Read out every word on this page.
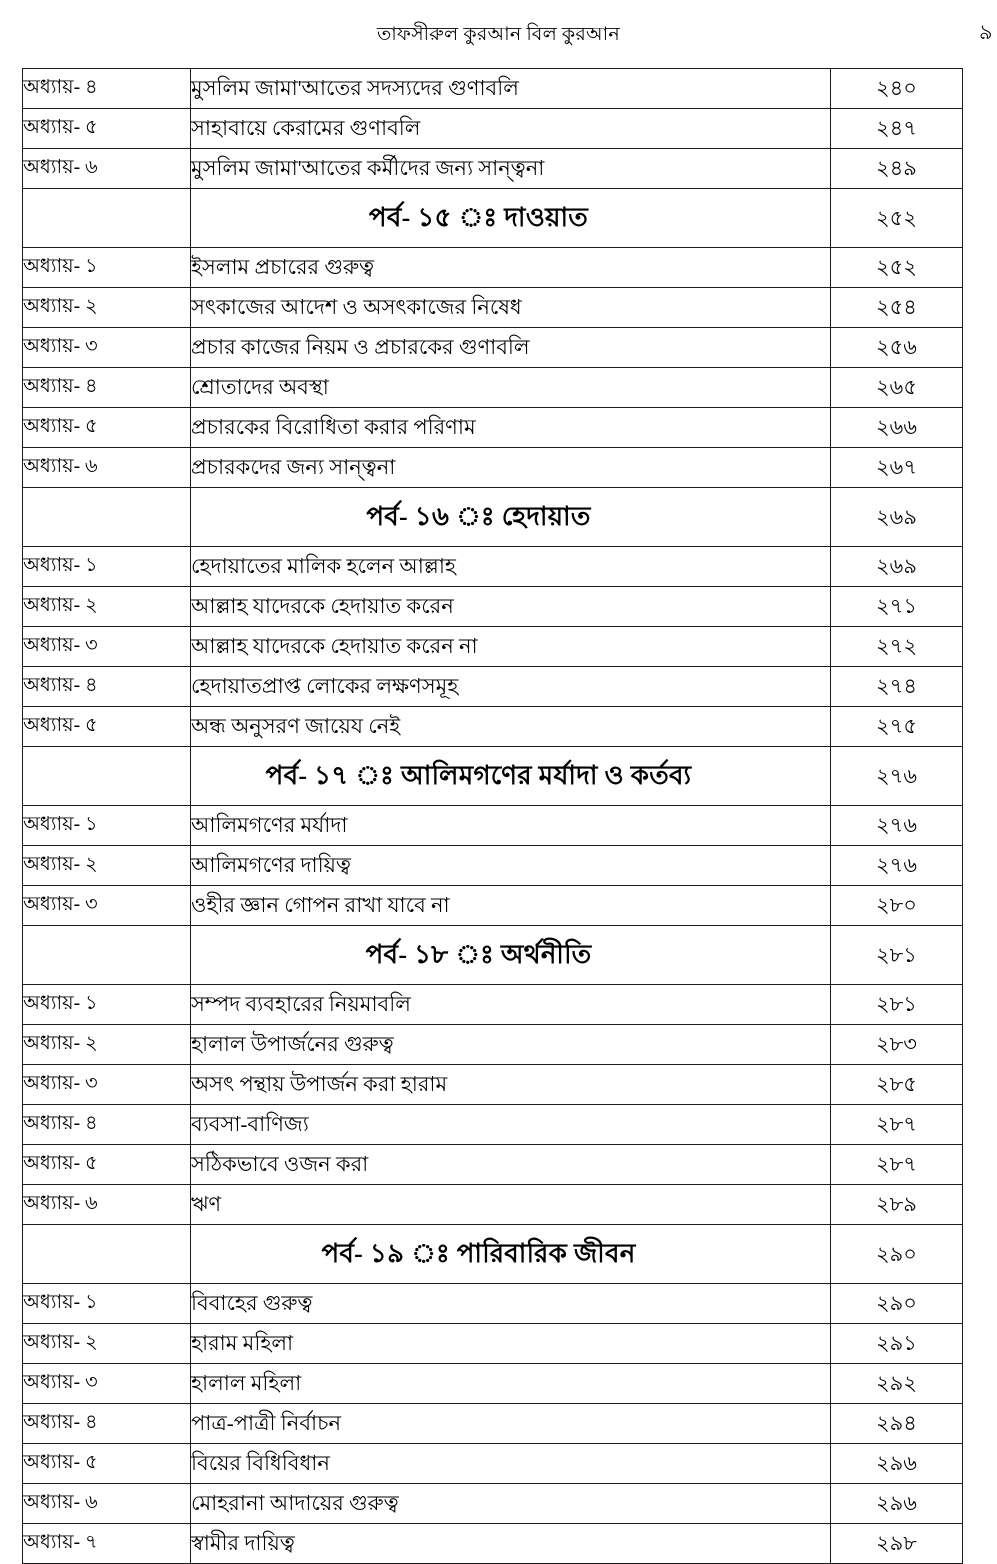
তাফসীরুল কুরআন বিল কুরআন	৯
অধ্যায়- ৪	মুসলিম জামা'আতের সদস্যদের গুণাবলি	২৪০
অধ্যায়- ৫	সাহাবায়ে কেরামের গুণাবলি	২৪৭
অধ্যায়- ৬	মুসলিম জামা'আতের কর্মীদের জন্য সান্ত্বনা	২৪৯
	পর্ব- ১৫ ঃ দাওয়াত	২৫২
অধ্যায়- ১	ইসলাম প্রচারের গুরুত্ব	২৫২
অধ্যায়- ২	সৎকাজের আদেশ ও অসৎকাজের নিষেধ	২৫৪
অধ্যায়- ৩	প্রচার কাজের নিয়ম ও প্রচারকের গুণাবলি	২৫৬
অধ্যায়- ৪	শ্রোতাদের অবস্থা	২৬৫
অধ্যায়- ৫	প্রচারকের বিরোধিতা করার পরিণাম	২৬৬
অধ্যায়- ৬	প্রচারকদের জন্য সান্ত্বনা	২৬৭
	পর্ব- ১৬ ঃ হেদায়াত	২৬৯
অধ্যায়- ১	হেদায়াতের মালিক হলেন আল্লাহ	২৬৯
অধ্যায়- ২	আল্লাহ যাদেরকে হেদায়াত করেন	২৭১
অধ্যায়- ৩	আল্লাহ যাদেরকে হেদায়াত করেন না	২৭২
অধ্যায়- ৪	হেদায়াতপ্রাপ্ত লোকের লক্ষণসমূহ	২৭৪
অধ্যায়- ৫	অন্ধ অনুসরণ জায়েয নেই	২৭৫
	পর্ব- ১৭ ঃ আলিমগণের মর্যাদা ও কর্তব্য	২৭৬
অধ্যায়- ১	আলিমগণের মর্যাদা	২৭৬
অধ্যায়- ২	আলিমগণের দায়িত্ব	২৭৬
অধ্যায়- ৩	ওহীর জ্ঞান গোপন রাখা যাবে না	২৮০
	পর্ব- ১৮ ঃ অর্থনীতি	২৮১
অধ্যায়- ১	সম্পদ ব্যবহারের নিয়মাবলি	২৮১
অধ্যায়- ২	হালাল উপার্জনের গুরুত্ব	২৮৩
অধ্যায়- ৩	অসৎ পন্থায় উপার্জন করা হারাম	২৮৫
অধ্যায়- ৪	ব্যবসা-বাণিজ্য	২৮৭
অধ্যায়- ৫	সঠিকভাবে ওজন করা	২৮৭
অধ্যায়- ৬	ঋণ	২৮৯
	পর্ব- ১৯ ঃ পারিবারিক জীবন	২৯০
অধ্যায়- ১	বিবাহের গুরুত্ব	২৯০
অধ্যায়- ২	হারাম মহিলা	২৯১
অধ্যায়- ৩	হালাল মহিলা	২৯২
অধ্যায়- ৪	পাত্র-পাত্রী নির্বাচন	২৯৪
অধ্যায়- ৫	বিয়ের বিধিবিধান	২৯৬
অধ্যায়- ৬	মোহরানা আদায়ের গুরুত্ব	২৯৬
অধ্যায়- ৭	স্বামীর দায়িত্ব	২৯৮
